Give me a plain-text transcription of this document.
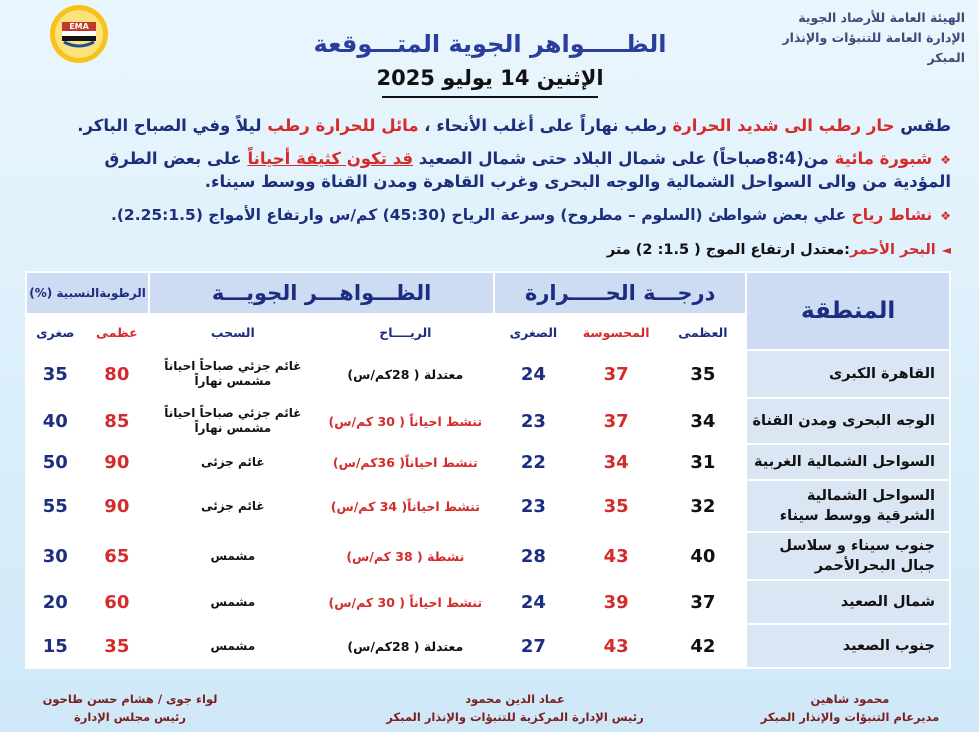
الهيئة العامة للأرصاد الجوية
الإدارة العامة للتنبؤات والإنذار المبكر
EMA
الظـــــواهر الجوية المتـــوقعة
الإثنين 14 يوليو 2025
طقس حار رطب الى شديد الحرارة رطب نهاراً على أغلب الأنحاء ، مائل للحرارة رطب ليلاً وفي الصباح الباكر.
❖شبورة مائية من(8:4صباحاً) على شمال البلاد حتى شمال الصعيد قد تكون كثيفة أحياناً على بعض الطرق المؤدية من والى السواحل الشمالية والوجه البحرى وغرب القاهرة ومدن القناة ووسط سيناء.
❖نشاط رياح علي بعض شواطئ (السلوم – مطروح) وسرعة الرياح (45:30) كم/س وارتفاع الأمواج (2.25:1.5).
◄البحر الأحمر:معتدل ارتفاع الموج ( 1.5: 2) متر
المنطقة	درجـــة الحـــــرارة			الظـــواهـــر الجويـــة		الرطوبةالنسبية (%)	
	العظمى	المحسوسة	الصغرى	الريــــاح	السحب	عظمى	صغرى
القاهرة الكبرى	35	37	24	معتدلة ( 28كم/س)	غائم جزئي صباحاً احياناً مشمس نهاراً	80	35
الوجه البحرى ومدن القناة	34	37	23	تنشط احياناً ( 30 كم/س)	غائم جزئي صباحاً احياناً مشمس نهاراً	85	40
السواحل الشمالية الغربية	31	34	22	تنشط احياناً( 36كم/س)	غائم جزئى	90	50
السواحل الشمالية الشرقية ووسط سيناء	32	35	23	تنشط احياناً( 34 كم/س)	غائم جزئى	90	55
جنوب سيناء و سلاسل جبال البحرالأحمر	40	43	28	نشطة ( 38 كم/س)	مشمس	65	30
شمال الصعيد	37	39	24	تنشط احياناً ( 30 كم/س)	مشمس	60	20
جنوب الصعيد	42	43	27	معتدلة ( 28كم/س)	مشمس	35	15
محمود شاهين
مديرعام التنبؤات والإنذار المبكر
عماد الدين محمود
رئيس الإدارة المركزية للتنبؤات والإنذار المبكر
لواء جوى / هشام حسن طاحون
رئيس مجلس الإدارة
